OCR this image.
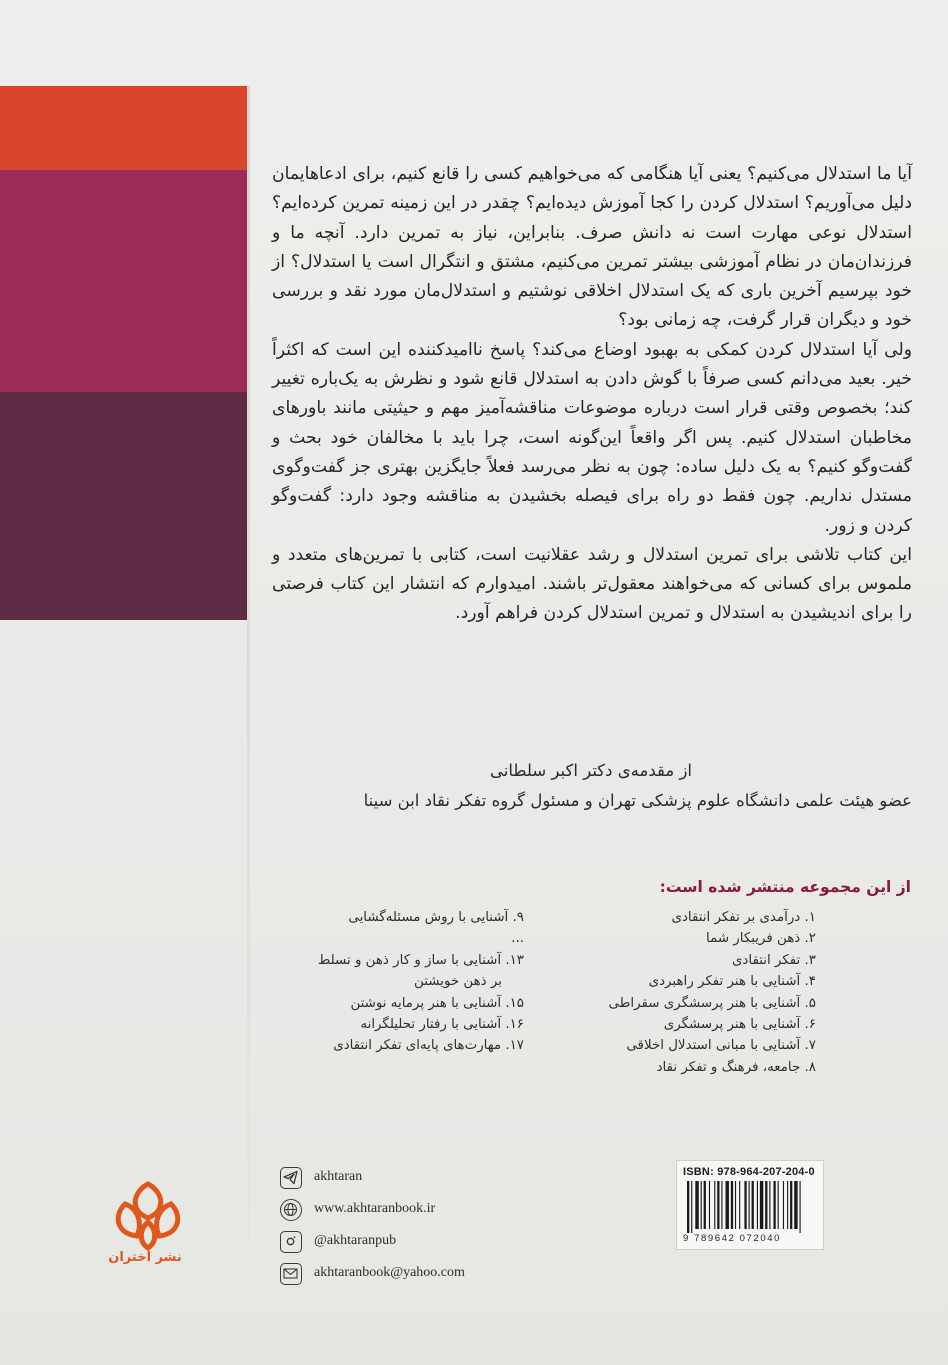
آیا ما استدلال می‌کنیم؟ یعنی آیا هنگامی که می‌خواهیم کسی را قانع کنیم، برای ادعاهایمان دلیل می‌آوریم؟ استدلال کردن را کجا آموزش دیده‌ایم؟ چقدر در این زمینه تمرین کرده‌ایم؟ استدلال نوعی مهارت است نه دانش صرف. بنابراین، نیاز به تمرین دارد. آنچه ما و فرزندان‌مان در نظام آموزشی بیشتر تمرین می‌کنیم، مشتق و انتگرال است یا استدلال؟ از خود بپرسیم آخرین باری که یک استدلال اخلاقی نوشتیم و استدلال‌مان مورد نقد و بررسی خود و دیگران قرار گرفت، چه زمانی بود؟

ولی آیا استدلال کردن کمکی به بهبود اوضاع می‌کند؟ پاسخ ناامیدکننده این است که اکثراً خیر. بعید می‌دانم کسی صرفاً با گوش دادن به استدلال قانع شود و نظرش به یک‌باره تغییر کند؛ بخصوص وقتی قرار است درباره موضوعات مناقشه‌آمیز مهم و حیثیتی مانند باورهای مخاطبان استدلال کنیم. پس اگر واقعاً این‌گونه است، چرا باید با مخالفان خود بحث و گفت‌وگو کنیم؟ به یک دلیل ساده: چون به نظر می‌رسد فعلاً جایگزین بهتری جز گفت‌وگوی مستدل نداریم. چون فقط دو راه برای فیصله بخشیدن به مناقشه وجود دارد: گفت‌وگو کردن و زور.

این کتاب تلاشی برای تمرین استدلال و رشد عقلانیت است، کتابی با تمرین‌های متعدد و ملموس برای کسانی که می‌خواهند معقول‌تر باشند. امیدوارم که انتشار این کتاب فرصتی را برای اندیشیدن به استدلال و تمرین استدلال کردن فراهم آورد.

از مقدمه‌ی دکتر اکبر سلطانی
عضو هیئت علمی دانشگاه علوم پزشکی تهران و مسئول گروه تفکر نقاد ابن سینا
از این مجموعه منتشر شده است:
۱. درآمدی بر تفکر انتقادی
۲. ذهن فریبکار شما
۳. تفکر انتقادی
۴. آشنایی با هنر تفکر راهبردی
۵. آشنایی با هنر پرسشگری سقراطی
۶. آشنایی با هنر پرسشگری
۷. آشنایی با مبانی استدلال اخلاقی
۸. جامعه، فرهنگ و تفکر نقاد
۹. آشنایی با روش مسئله‌گشایی
...
۱۳. آشنایی با ساز و کار ذهن و تسلط
بر ذهن خویشتن
۱۵. آشنایی با هنر پرمایه نوشتن
۱۶. آشنایی با رفتار تحلیلگرانه
۱۷. مهارت‌های پایه‌ای تفکر انتقادی
akhtaran
www.akhtaranbook.ir
@akhtaranpub
akhtaranbook@yahoo.com
ISBN: 978-964-207-204-0
9 789642 072040
نشر اختران
